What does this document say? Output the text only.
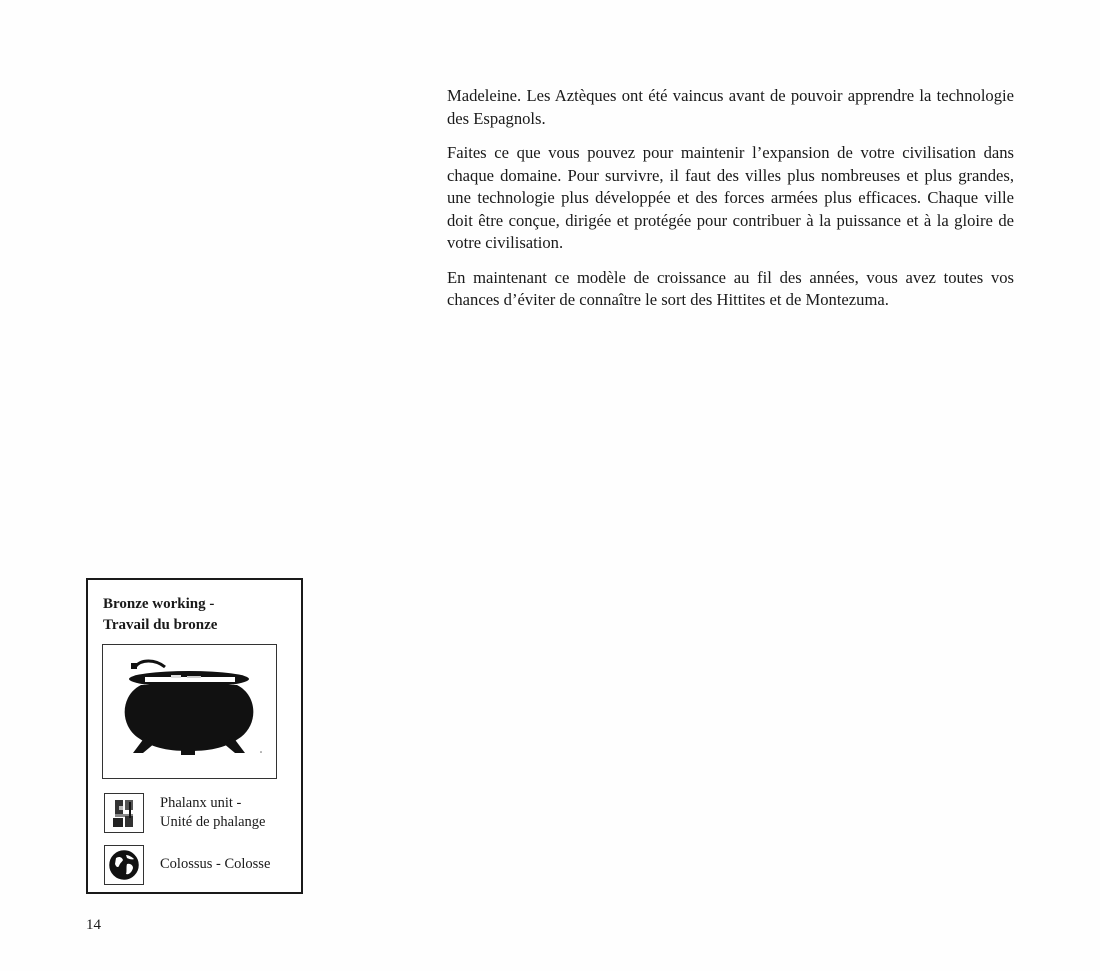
Madeleine. Les Aztèques ont été vaincus avant de pouvoir apprendre la technologie des Espagnols.

Faites ce que vous pouvez pour maintenir l’expansion de votre civilisation dans chaque domaine. Pour survivre, il faut des villes plus nombreuses et plus grandes, une technologie plus développée et des forces armées plus efficaces. Chaque ville doit être conçue, dirigée et protégée pour contribuer à la puissance et à la gloire de votre civilisation.

En maintenant ce modèle de croissance au fil des années, vous avez toutes vos chances d’éviter de connaître le sort des Hittites et de Montezuma.

Bronze working -
Travail du bronze
Phalanx unit -
Unité de phalange
Colossus - Colosse
14
